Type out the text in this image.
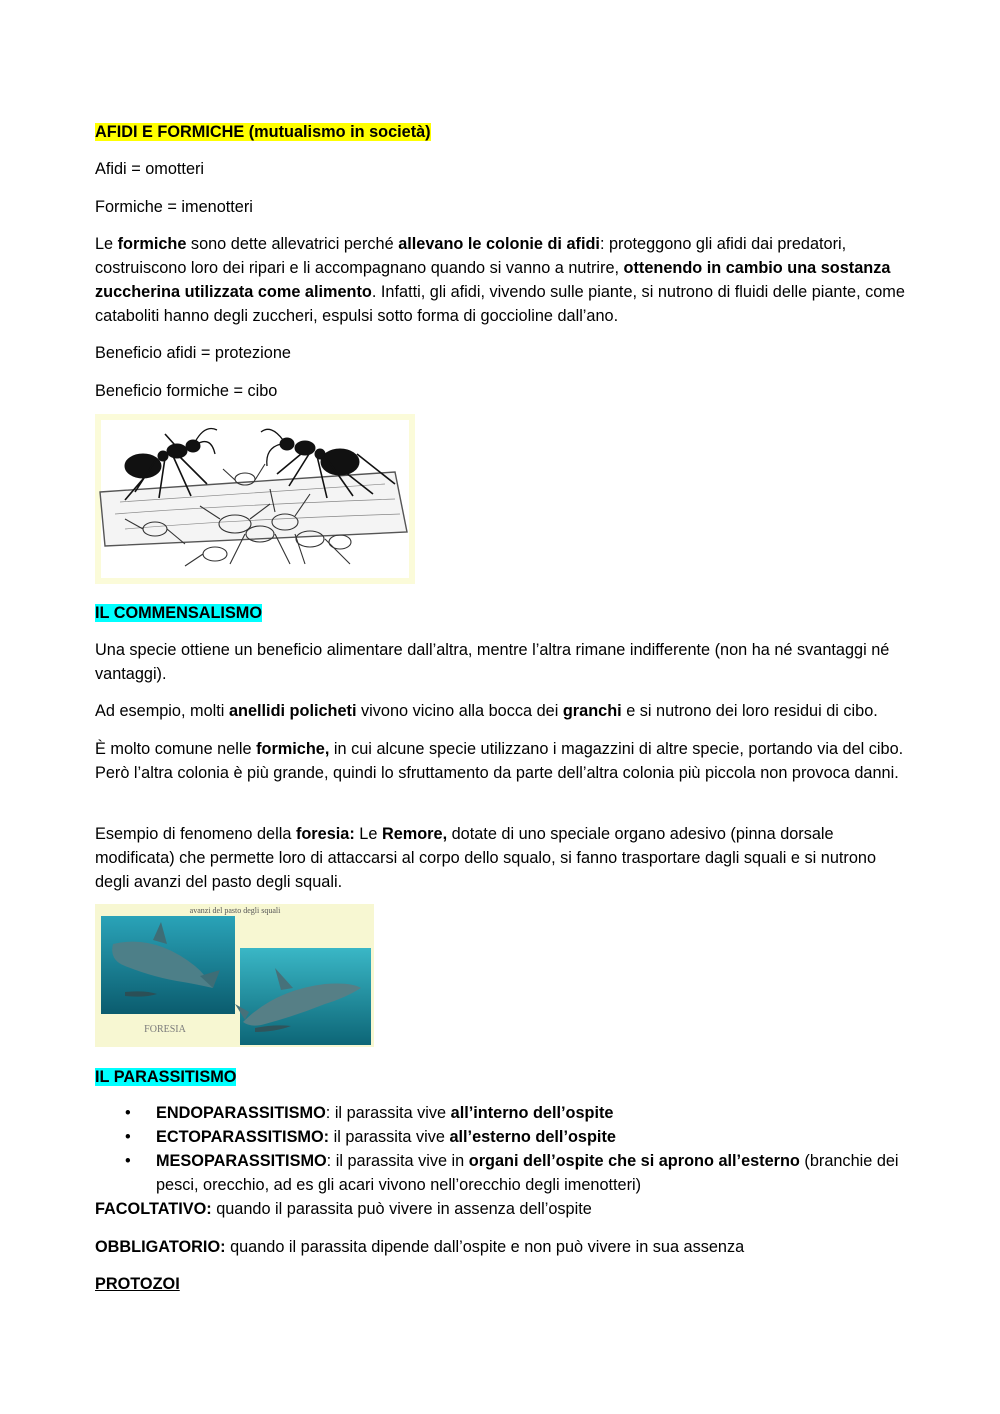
AFIDI E FORMICHE (mutualismo in società)

Afidi = omotteri

Formiche = imenotteri

Le formiche sono dette allevatrici perché allevano le colonie di afidi: proteggono gli afidi dai predatori, costruiscono loro dei ripari e li accompagnano quando si vanno a nutrire, ottenendo in cambio una sostanza zuccherina utilizzata come alimento. Infatti, gli afidi, vivendo sulle piante, si nutrono di fluidi delle piante, come cataboliti hanno degli zuccheri, espulsi sotto forma di goccioline dall’ano.

Beneficio afidi = protezione

Beneficio formiche = cibo

IL COMMENSALISMO

Una specie ottiene un beneficio alimentare dall’altra, mentre l’altra rimane indifferente (non ha né svantaggi né vantaggi).

Ad esempio, molti anellidi policheti vivono vicino alla bocca dei granchi e si nutrono dei loro residui di cibo.

È molto comune nelle formiche, in cui alcune specie utilizzano i magazzini di altre specie, portando via del cibo. Però l’altra colonia è più grande, quindi lo sfruttamento da parte dell’altra colonia più piccola non provoca danni.

Esempio di fenomeno della foresia: Le Remore, dotate di uno speciale organo adesivo (pinna dorsale modificata) che permette loro di attaccarsi al corpo dello squalo, si fanno trasportare dagli squali e si nutrono degli avanzi del pasto degli squali.

avanzi del pasto degli squali
FORESIA

IL PARASSITISMO

• ENDOPARASSITISMO: il parassita vive all’interno dell’ospite
• ECTOPARASSITISMO: il parassita vive all’esterno dell’ospite
• MESOPARASSITISMO: il parassita vive in organi dell’ospite che si aprono all’esterno (branchie dei pesci, orecchio, ad es gli acari vivono nell’orecchio degli imenotteri)

FACOLTATIVO: quando il parassita può vivere in assenza dell’ospite

OBBLIGATORIO: quando il parassita dipende dall’ospite e non può vivere in sua assenza

PROTOZOI
